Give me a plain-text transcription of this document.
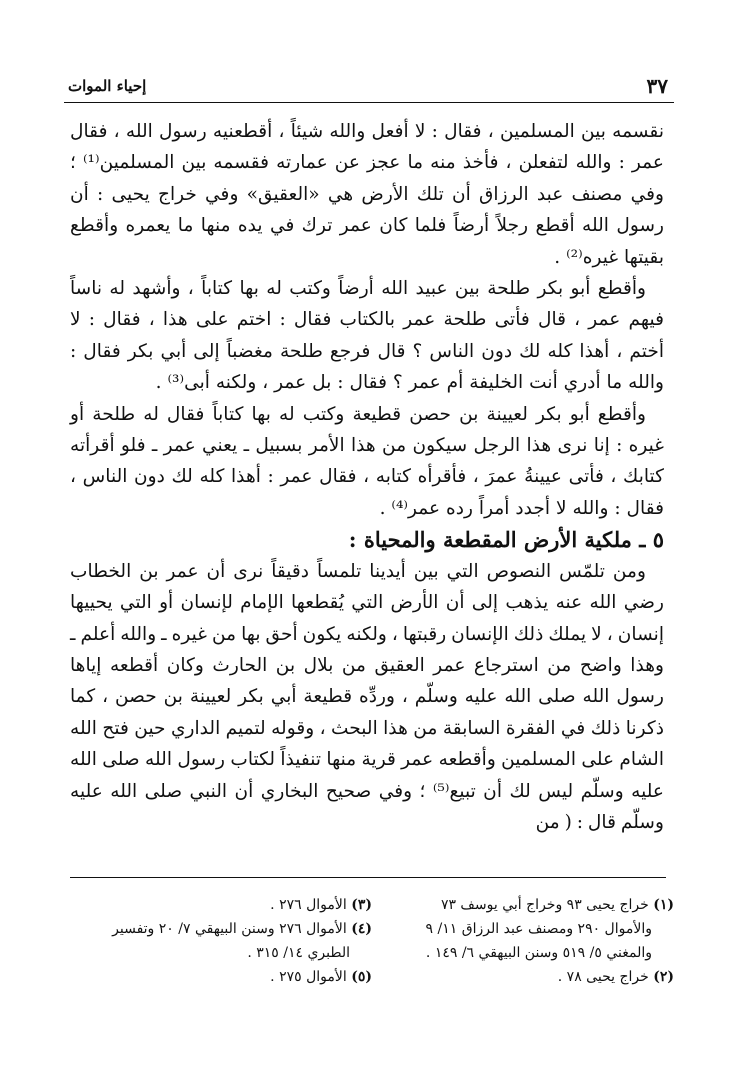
٣٧
إحياء الموات

نقسمه بين المسلمين ، فقال : لا أفعل والله شيئاً ، أقطعنيه رسول الله ، فقال عمر : والله لتفعلن ، فأخذ منه ما عجز عن عمارته فقسمه بين المسلمين⁽¹⁾ ؛ وفي مصنف عبد الرزاق أن تلك الأرض هي «العقيق» وفي خراج يحيى : أن رسول الله أقطع رجلاً أرضاً فلما كان عمر ترك في يده منها ما يعمره وأقطع بقيتها غيره⁽²⁾ .

وأقطع أبو بكر طلحة بين عبيد الله أرضاً وكتب له بها كتاباً ، وأشهد له ناساً فيهم عمر ، قال فأتى طلحة عمر بالكتاب فقال : اختم على هذا ، فقال : لا أختم ، أهذا كله لك دون الناس ؟ قال فرجع طلحة مغضباً إلى أبي بكر فقال : والله ما أدري أنت الخليفة أم عمر ؟ فقال : بل عمر ، ولكنه أبى⁽³⁾ .

وأقطع أبو بكر لعيينة بن حصن قطيعة وكتب له بها كتاباً فقال له طلحة أو غيره : إنا نرى هذا الرجل سيكون من هذا الأمر بسبيل ـ يعني عمر ـ فلو أقرأته كتابك ، فأتى عيينةُ عمرَ ، فأقرأه كتابه ، فقال عمر : أهذا كله لك دون الناس ، فقال : والله لا أجدد أمراً رده عمر⁽⁴⁾ .

٥ ـ ملكية الأرض المقطعة والمحياة :

ومن تلمّس النصوص التي بين أيدينا تلمساً دقيقاً نرى أن عمر بن الخطاب رضي الله عنه يذهب إلى أن الأرض التي يُقطعها الإمام لإنسان أو التي يحييها إنسان ، لا يملك ذلك الإنسان رقبتها ، ولكنه يكون أحق بها من غيره ـ والله أعلم ـ وهذا واضح من استرجاع عمر العقيق من بلال بن الحارث وكان أقطعه إياها رسول الله صلى الله عليه وسلّم ، وردِّه قطيعة أبي بكر لعيينة بن حصن ، كما ذكرنا ذلك في الفقرة السابقة من هذا البحث ، وقوله لتميم الداري حين فتح الله الشام على المسلمين وأقطعه عمر قرية منها تنفيذاً لكتاب رسول الله صلى الله عليه وسلّم ليس لك أن تبيع⁽⁵⁾ ؛ وفي صحيح البخاري أن النبي صلى الله عليه وسلّم قال : ( من

(١) خراج يحيى ٩٣ وخراج أبي يوسف ٧٣
والأموال ٢٩٠ ومصنف عبد الرزاق ١١/ ٩
والمغني ٥/ ٥١٩ وسنن البيهقي ٦/ ١٤٩ .

(٢) خراج يحيى ٧٨ .

(٣) الأموال ٢٧٦ .

(٤) الأموال ٢٧٦ وسنن البيهقي ٧/ ٢٠ وتفسير
الطبري ١٤/ ٣١٥ .

(٥) الأموال ٢٧٥ .
